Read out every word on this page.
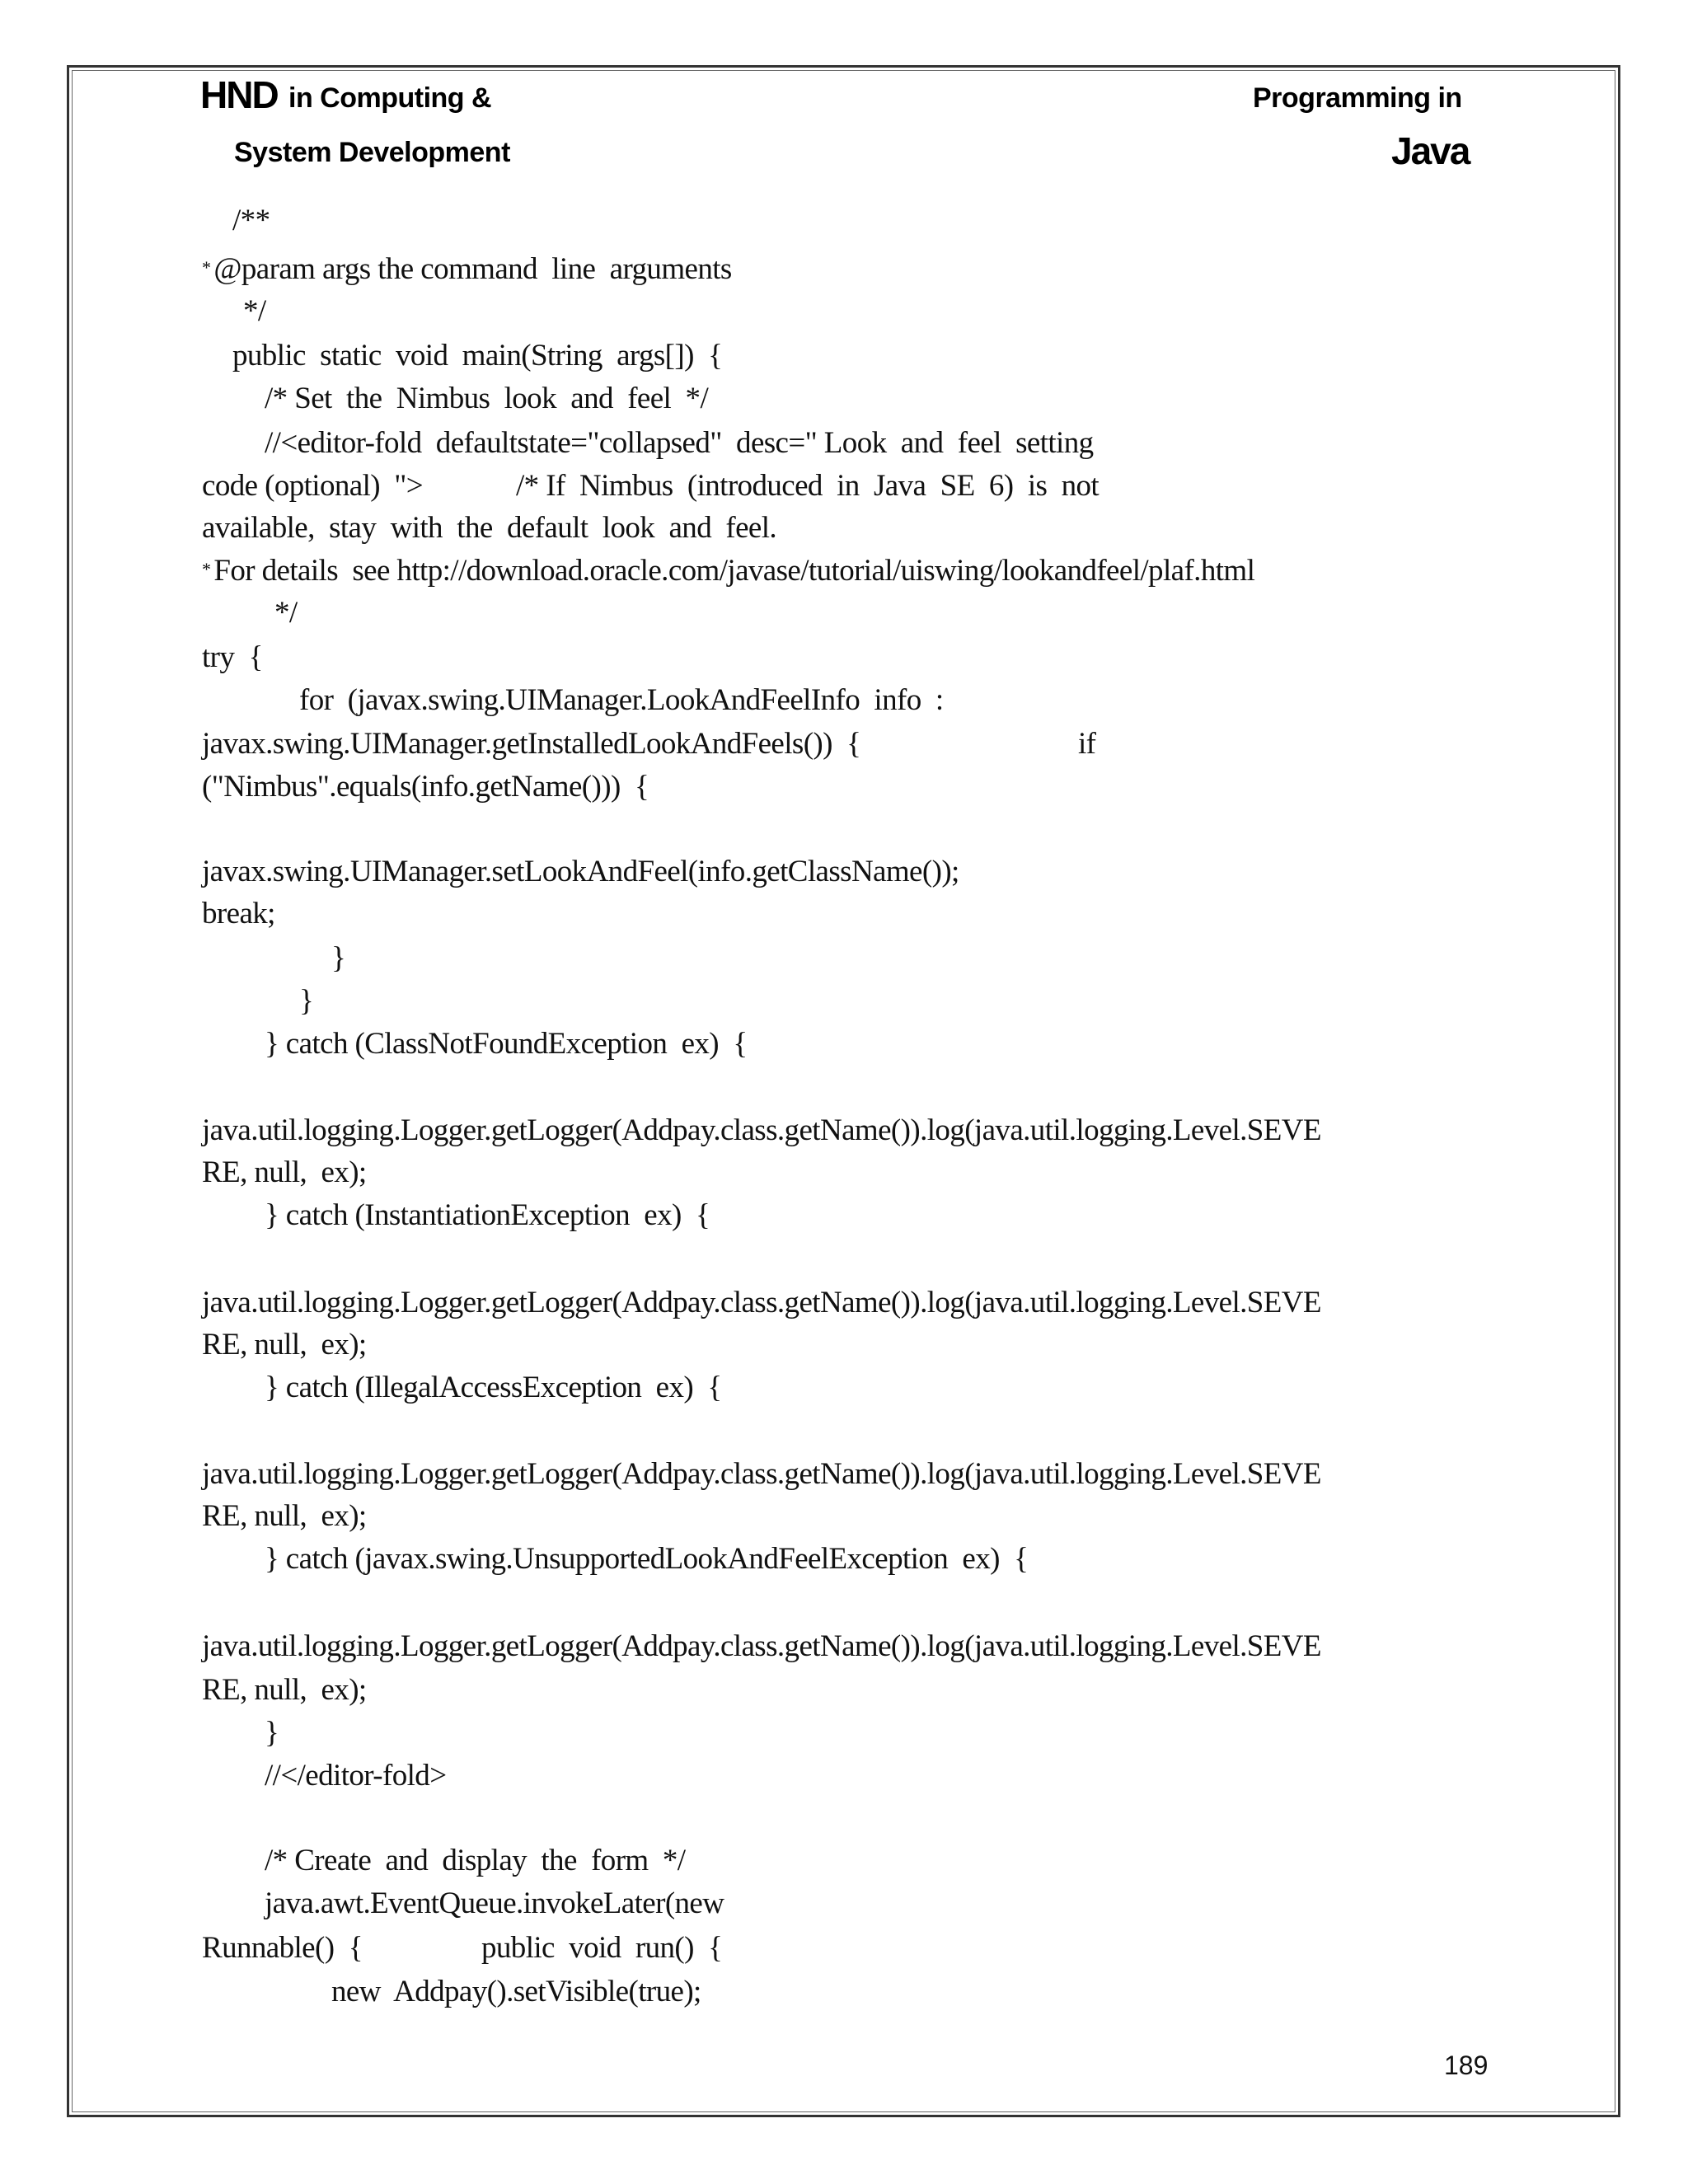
HND in Computing &
System Development
Programming in
Java
/**
* @param args the command  line  arguments
*/
public  static  void  main(String  args[])  {
/* Set  the  Nimbus  look  and  feel  */
//<editor-fold  defaultstate="collapsed"  desc=" Look  and  feel  setting
code (optional)  ">	/* If  Nimbus  (introduced  in  Java  SE  6)  is  not
available,  stay  with  the  default  look  and  feel.
* For details  see http://download.oracle.com/javase/tutorial/uiswing/lookandfeel/plaf.html
*/
try  {
for  (javax.swing.UIManager.LookAndFeelInfo  info  :
javax.swing.UIManager.getInstalledLookAndFeels())  {	if
("Nimbus".equals(info.getName()))  {
javax.swing.UIManager.setLookAndFeel(info.getClassName());
break;
}
}
} catch (ClassNotFoundException  ex)  {
java.util.logging.Logger.getLogger(Addpay.class.getName()).log(java.util.logging.Level.SEVE
RE, null,  ex);
} catch (InstantiationException  ex)  {
java.util.logging.Logger.getLogger(Addpay.class.getName()).log(java.util.logging.Level.SEVE
RE, null,  ex);
} catch (IllegalAccessException  ex)  {
java.util.logging.Logger.getLogger(Addpay.class.getName()).log(java.util.logging.Level.SEVE
RE, null,  ex);
} catch (javax.swing.UnsupportedLookAndFeelException  ex)  {
java.util.logging.Logger.getLogger(Addpay.class.getName()).log(java.util.logging.Level.SEVE
RE, null,  ex);
}
//</editor-fold>
/* Create  and  display  the  form  */
java.awt.EventQueue.invokeLater(new
Runnable()  {	public  void  run()  {
new  Addpay().setVisible(true);
189
